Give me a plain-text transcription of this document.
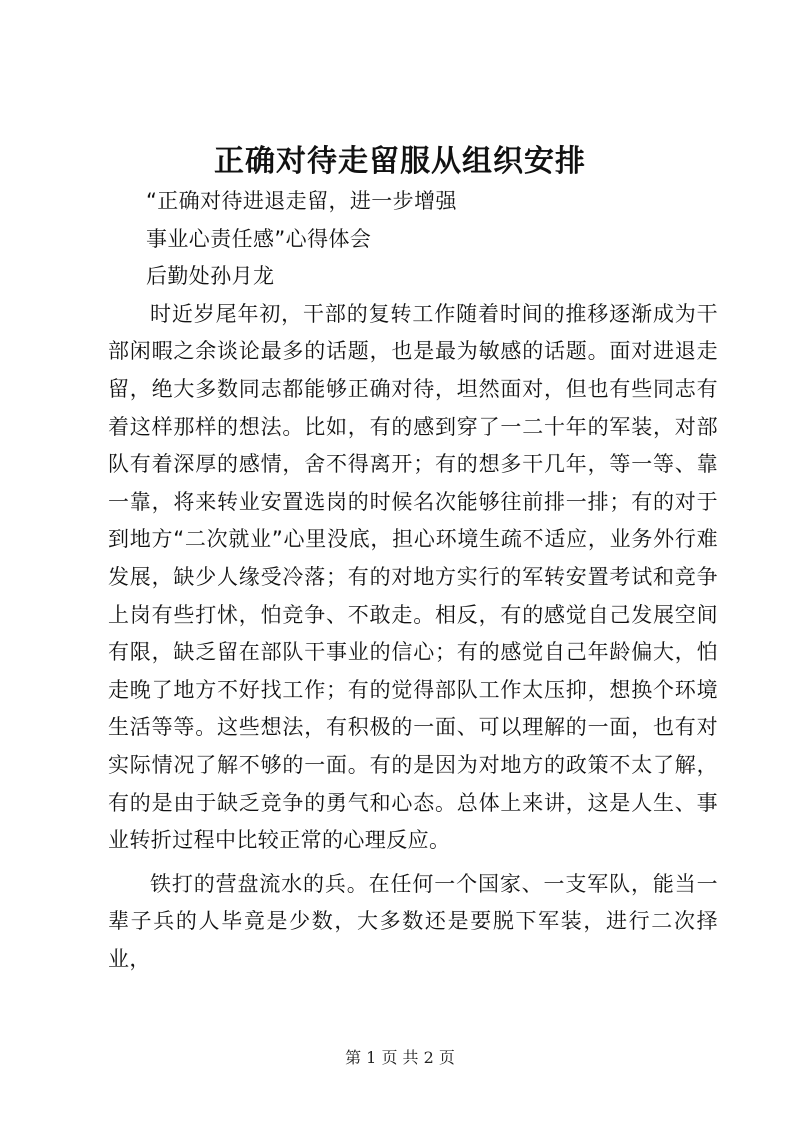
正确对待走留服从组织安排

“正确对待进退走留，进一步增强

事业心责任感”心得体会

后勤处孙月龙

时近岁尾年初，干部的复转工作随着时间的推移逐渐成为干部闲暇之余谈论最多的话题，也是最为敏感的话题。面对进退走留，绝大多数同志都能够正确对待，坦然面对，但也有些同志有着这样那样的想法。比如，有的感到穿了一二十年的军装，对部队有着深厚的感情，舍不得离开；有的想多干几年，等一等、靠一靠，将来转业安置选岗的时候名次能够往前排一排；有的对于到地方“二次就业”心里没底，担心环境生疏不适应，业务外行难发展，缺少人缘受冷落；有的对地方实行的军转安置考试和竞争上岗有些打怵，怕竞争、不敢走。相反，有的感觉自己发展空间有限，缺乏留在部队干事业的信心；有的感觉自己年龄偏大，怕走晚了地方不好找工作；有的觉得部队工作太压抑，想换个环境生活等等。这些想法，有积极的一面、可以理解的一面，也有对实际情况了解不够的一面。有的是因为对地方的政策不太了解，有的是由于缺乏竞争的勇气和心态。总体上来讲，这是人生、事业转折过程中比较正常的心理反应。

铁打的营盘流水的兵。在任何一个国家、一支军队，能当一辈子兵的人毕竟是少数，大多数还是要脱下军装，进行二次择业，

第 1 页 共 2 页
